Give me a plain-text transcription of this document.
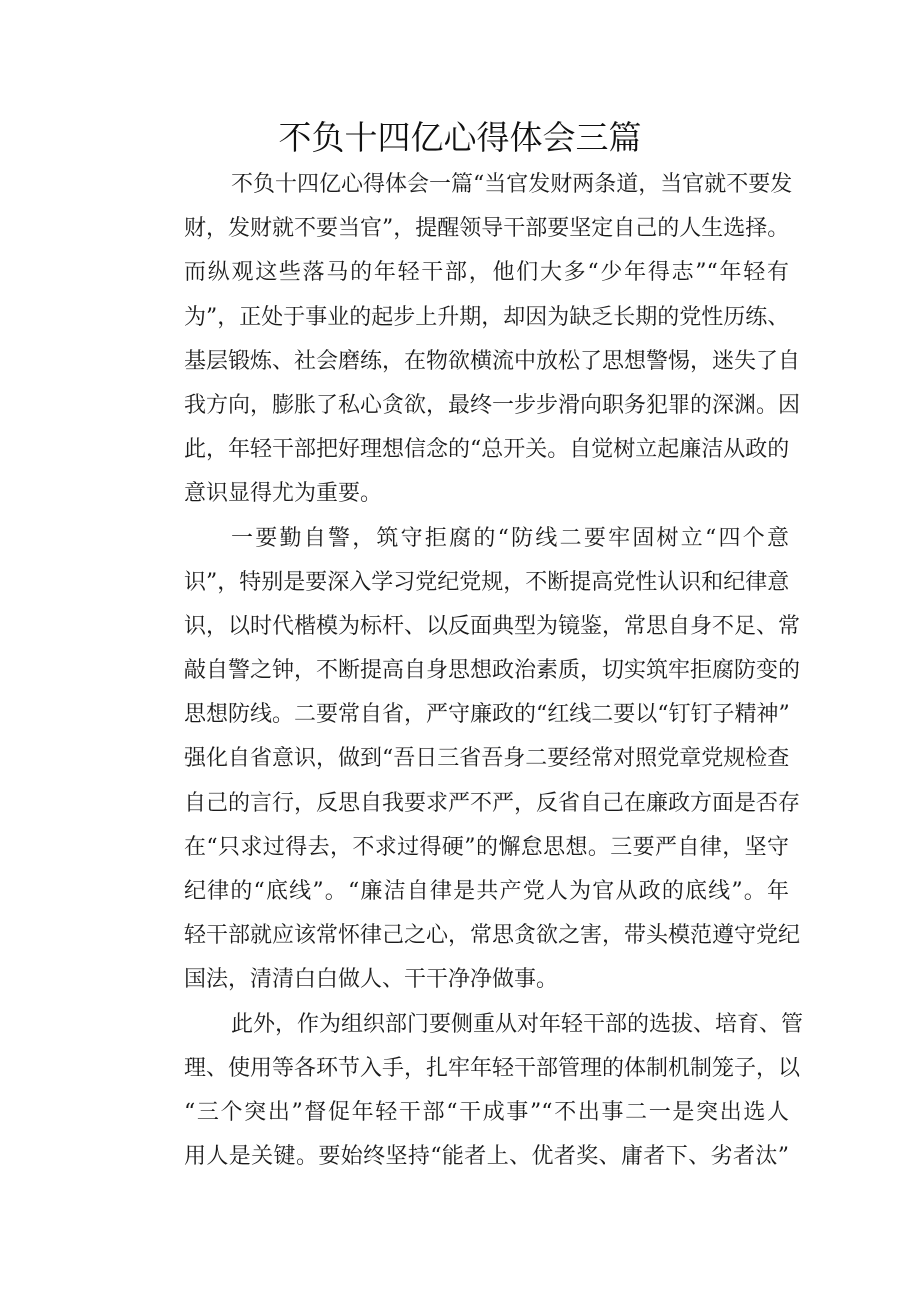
不负十四亿心得体会三篇
不负十四亿心得体会一篇“当官发财两条道，当官就不要发
财，发财就不要当官”，提醒领导干部要坚定自己的人生选择。
而纵观这些落马的年轻干部，他们大多“少年得志”“年轻有
为”，正处于事业的起步上升期，却因为缺乏长期的党性历练、
基层锻炼、社会磨练，在物欲横流中放松了思想警惕，迷失了自
我方向，膨胀了私心贪欲，最终一步步滑向职务犯罪的深渊。因
此，年轻干部把好理想信念的“总开关。自觉树立起廉洁从政的
意识显得尤为重要。
一要勤自警，筑守拒腐的“防线二要牢固树立“四个意
识”，特别是要深入学习党纪党规，不断提高党性认识和纪律意
识，以时代楷模为标杆、以反面典型为镜鉴，常思自身不足、常
敲自警之钟，不断提高自身思想政治素质，切实筑牢拒腐防变的
思想防线。二要常自省，严守廉政的“红线二要以“钉钉子精神”
强化自省意识，做到“吾日三省吾身二要经常对照党章党规检查
自己的言行，反思自我要求严不严，反省自己在廉政方面是否存
在“只求过得去，不求过得硬”的懈怠思想。三要严自律，坚守
纪律的“底线”。“廉洁自律是共产党人为官从政的底线”。年
轻干部就应该常怀律己之心，常思贪欲之害，带头模范遵守党纪
国法，清清白白做人、干干净净做事。
此外，作为组织部门要侧重从对年轻干部的选拔、培育、管
理、使用等各环节入手，扎牢年轻干部管理的体制机制笼子，以
“三个突出”督促年轻干部“干成事”“不出事二一是突出选人
用人是关键。要始终坚持“能者上、优者奖、庸者下、劣者汰”
